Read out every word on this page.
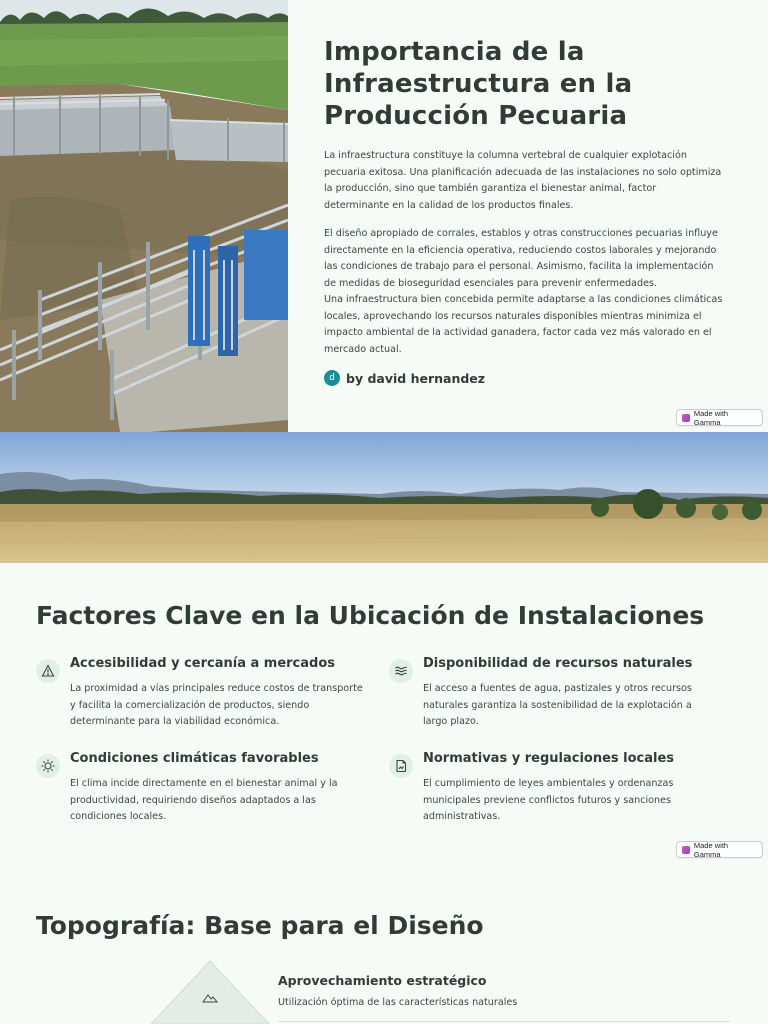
Importancia de la Infraestructura en la Producción Pecuaria

La infraestructura constituye la columna vertebral de cualquier explotación pecuaria exitosa. Una planificación adecuada de las instalaciones no solo optimiza la producción, sino que también garantiza el bienestar animal, factor determinante en la calidad de los productos finales.

El diseño apropiado de corrales, establos y otras construcciones pecuarias influye directamente en la eficiencia operativa, reduciendo costos laborales y mejorando las condiciones de trabajo para el personal. Asimismo, facilita la implementación de medidas de bioseguridad esenciales para prevenir enfermedades.

Una infraestructura bien concebida permite adaptarse a las condiciones climáticas locales, aprovechando los recursos naturales disponibles mientras minimiza el impacto ambiental de la actividad ganadera, factor cada vez más valorado en el mercado actual.

d by david hernandez
Made with Gamma
Factores Clave en la Ubicación de Instalaciones
Accesibilidad y cercanía a mercados

La proximidad a vías principales reduce costos de transporte y facilita la comercialización de productos, siendo determinante para la viabilidad económica.

Disponibilidad de recursos naturales

El acceso a fuentes de agua, pastizales y otros recursos naturales garantiza la sostenibilidad de la explotación a largo plazo.

Condiciones climáticas favorables

El clima incide directamente en el bienestar animal y la productividad, requiriendo diseños adaptados a las condiciones locales.

Normativas y regulaciones locales

El cumplimiento de leyes ambientales y ordenanzas municipales previene conflictos futuros y sanciones administrativas.

Made with Gamma
Topografía: Base para el Diseño
Aprovechamiento estratégico
Utilización óptima de las características naturales
